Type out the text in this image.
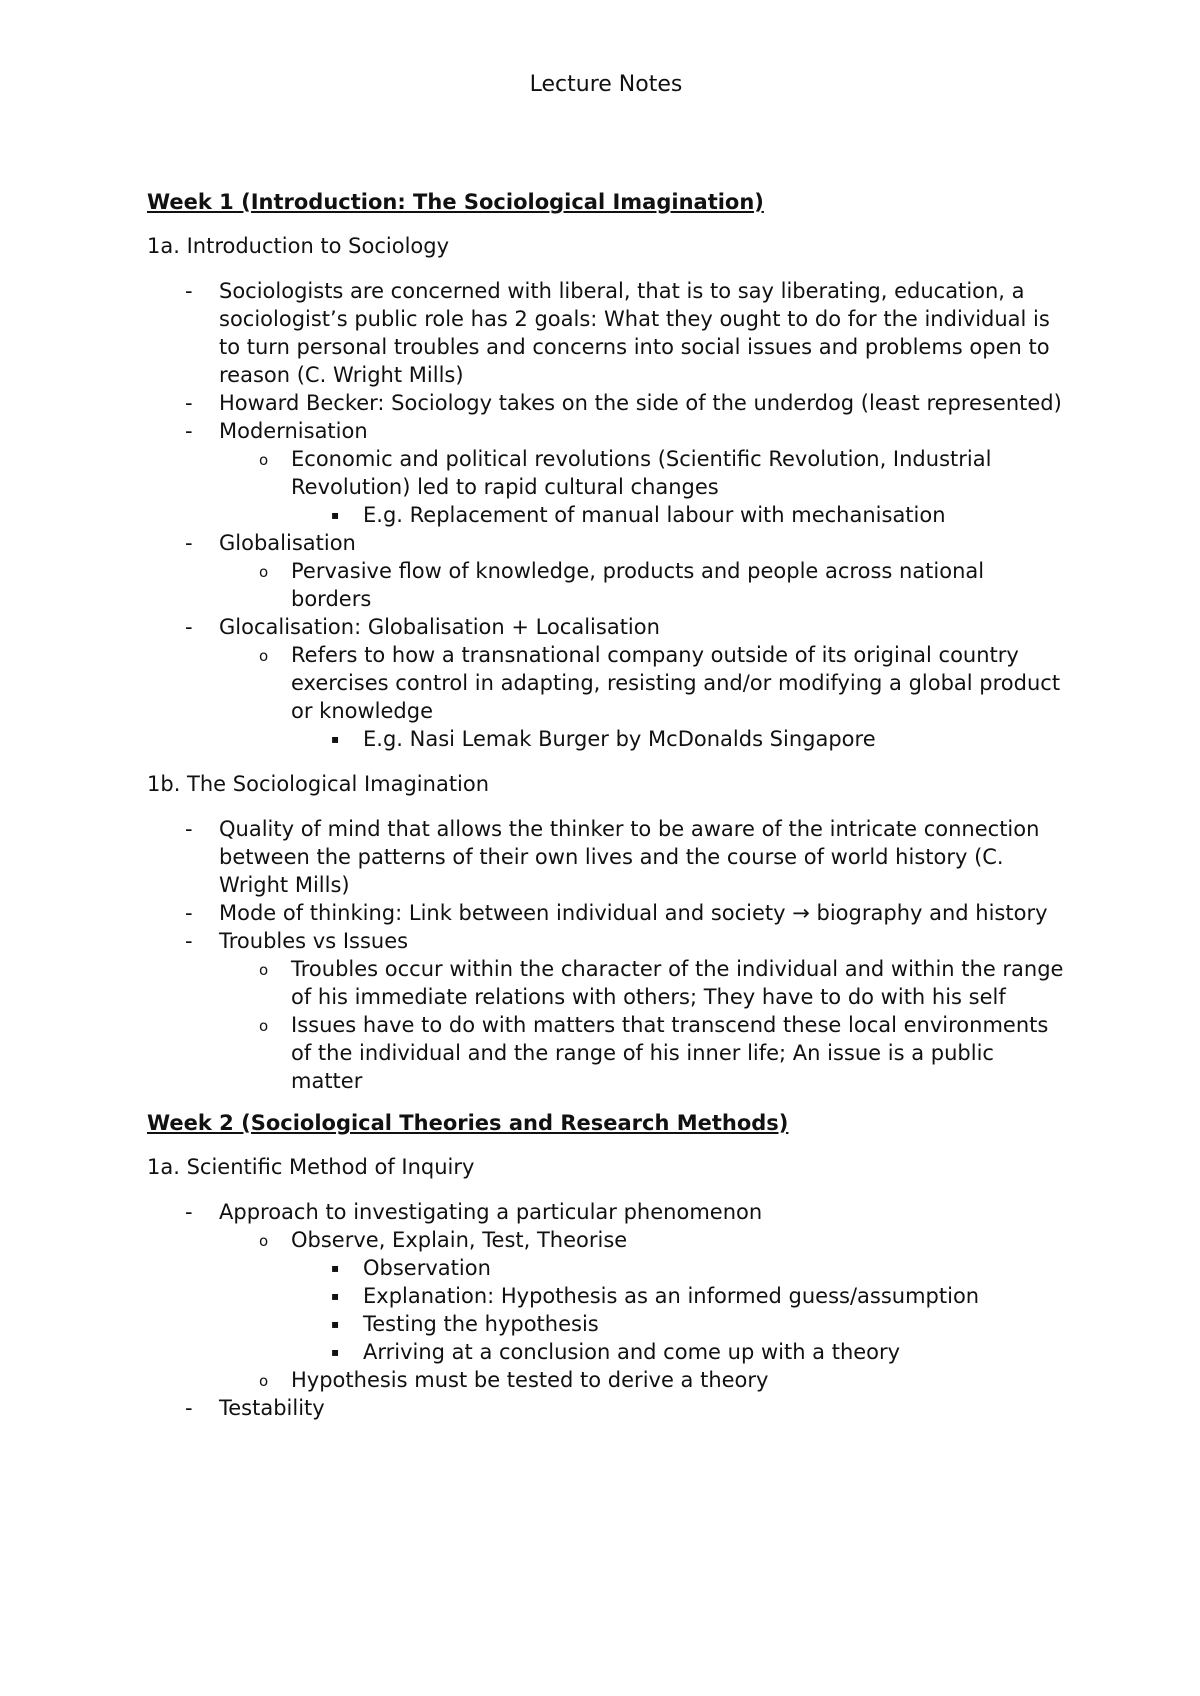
Lecture Notes
Week 1 (Introduction: The Sociological Imagination)
1a. Introduction to Sociology
- Sociologists are concerned with liberal, that is to say liberating, education, a sociologist’s public role has 2 goals: What they ought to do for the individual is to turn personal troubles and concerns into social issues and problems open to reason (C. Wright Mills)
- Howard Becker: Sociology takes on the side of the underdog (least represented)
- Modernisation
o Economic and political revolutions (Scientific Revolution, Industrial Revolution) led to rapid cultural changes
▪ E.g. Replacement of manual labour with mechanisation
- Globalisation
o Pervasive flow of knowledge, products and people across national borders
- Glocalisation: Globalisation + Localisation
o Refers to how a transnational company outside of its original country exercises control in adapting, resisting and/or modifying a global product or knowledge
▪ E.g. Nasi Lemak Burger by McDonalds Singapore
1b. The Sociological Imagination
- Quality of mind that allows the thinker to be aware of the intricate connection between the patterns of their own lives and the course of world history (C. Wright Mills)
- Mode of thinking: Link between individual and society → biography and history
- Troubles vs Issues
o Troubles occur within the character of the individual and within the range of his immediate relations with others; They have to do with his self
o Issues have to do with matters that transcend these local environments of the individual and the range of his inner life; An issue is a public matter
Week 2 (Sociological Theories and Research Methods)
1a. Scientific Method of Inquiry
- Approach to investigating a particular phenomenon
o Observe, Explain, Test, Theorise
▪ Observation
▪ Explanation: Hypothesis as an informed guess/assumption
▪ Testing the hypothesis
▪ Arriving at a conclusion and come up with a theory
o Hypothesis must be tested to derive a theory
- Testability
